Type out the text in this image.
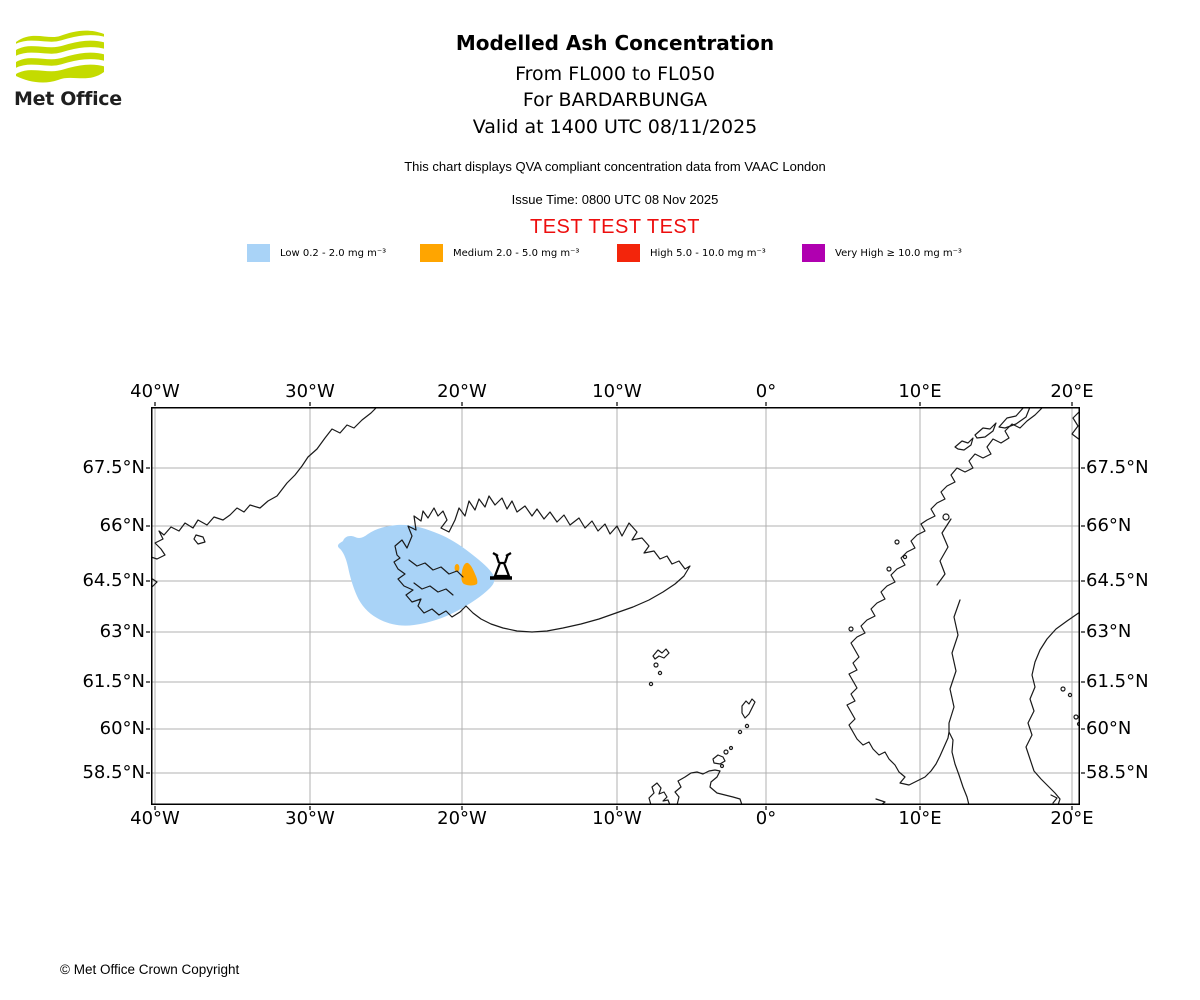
Met Office
Modelled Ash Concentration
From FL000 to FL050
For BARDARBUNGA
Valid at 1400 UTC 08/11/2025
This chart displays QVA compliant concentration data from VAAC London
Issue Time: 0800 UTC 08 Nov 2025
TEST TEST TEST
Low 0.2 - 2.0 mg m⁻³	Medium 2.0 - 5.0 mg m⁻³	High 5.0 - 10.0 mg m⁻³	Very High ≥ 10.0 mg m⁻³
40°W	30°W	20°W	10°W	0°	10°E	20°E
40°W	30°W	20°W	10°W	0°	10°E	20°E
67.5°N
66°N
64.5°N
63°N
61.5°N
60°N
58.5°N
67.5°N
66°N
64.5°N
63°N
61.5°N
60°N
58.5°N
© Met Office Crown Copyright
